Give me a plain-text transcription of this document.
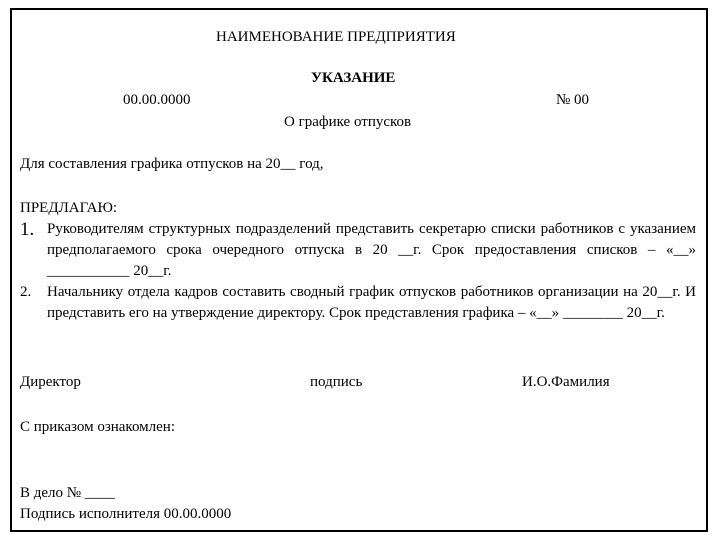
НАИМЕНОВАНИЕ ПРЕДПРИЯТИЯ
УКАЗАНИЕ
00.00.0000	№ 00
О графике отпусков
Для составления графика отпусков на 20__ год,
ПРЕДЛАГАЮ:
1. Руководителям структурных подразделений представить секретарю списки работников с указанием предполагаемого срока очередного отпуска в 20 __г. Срок предоставления списков – «__» ___________ 20__г.
2. Начальнику отдела кадров составить сводный график отпусков работников организации на 20__г. И представить его на утверждение директору. Срок представления графика – «__» ________ 20__г.
Директор	подпись	И.О.Фамилия
С приказом ознакомлен:
В дело № ____
Подпись исполнителя 00.00.0000
